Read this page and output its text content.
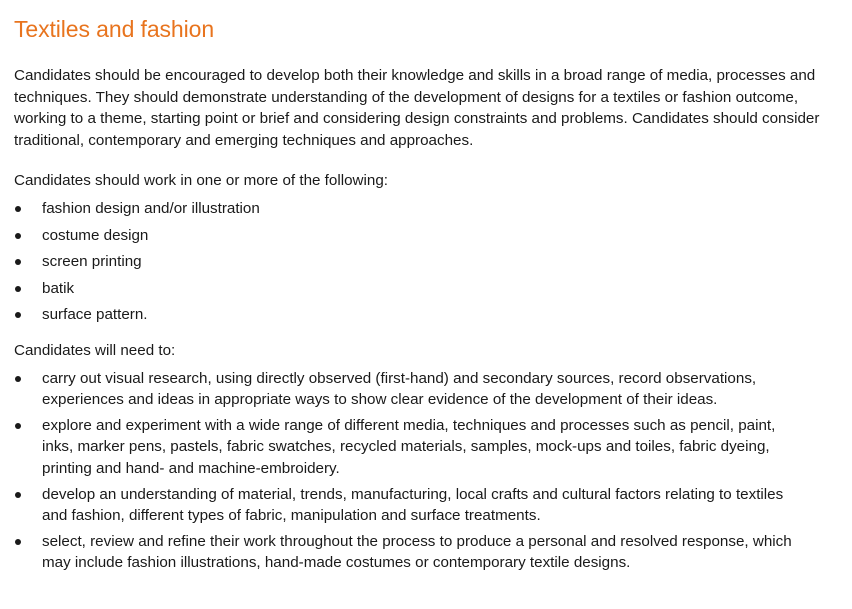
Textiles and fashion

Candidates should be encouraged to develop both their knowledge and skills in a broad range of media, processes and techniques. They should demonstrate understanding of the development of designs for a textiles or fashion outcome, working to a theme, starting point or brief and considering design constraints and problems. Candidates should consider traditional, contemporary and emerging techniques and approaches.

Candidates should work in one or more of the following:

fashion design and/or illustration
costume design
screen printing
batik
surface pattern.

Candidates will need to:

carry out visual research, using directly observed (first-hand) and secondary sources, record observations, experiences and ideas in appropriate ways to show clear evidence of the development of their ideas.
explore and experiment with a wide range of different media, techniques and processes such as pencil, paint, inks, marker pens, pastels, fabric swatches, recycled materials, samples, mock-ups and toiles, fabric dyeing, printing and hand- and machine-embroidery.
develop an understanding of material, trends, manufacturing, local crafts and cultural factors relating to textiles and fashion, different types of fabric, manipulation and surface treatments.
select, review and refine their work throughout the process to produce a personal and resolved response, which may include fashion illustrations, hand-made costumes or contemporary textile designs.
